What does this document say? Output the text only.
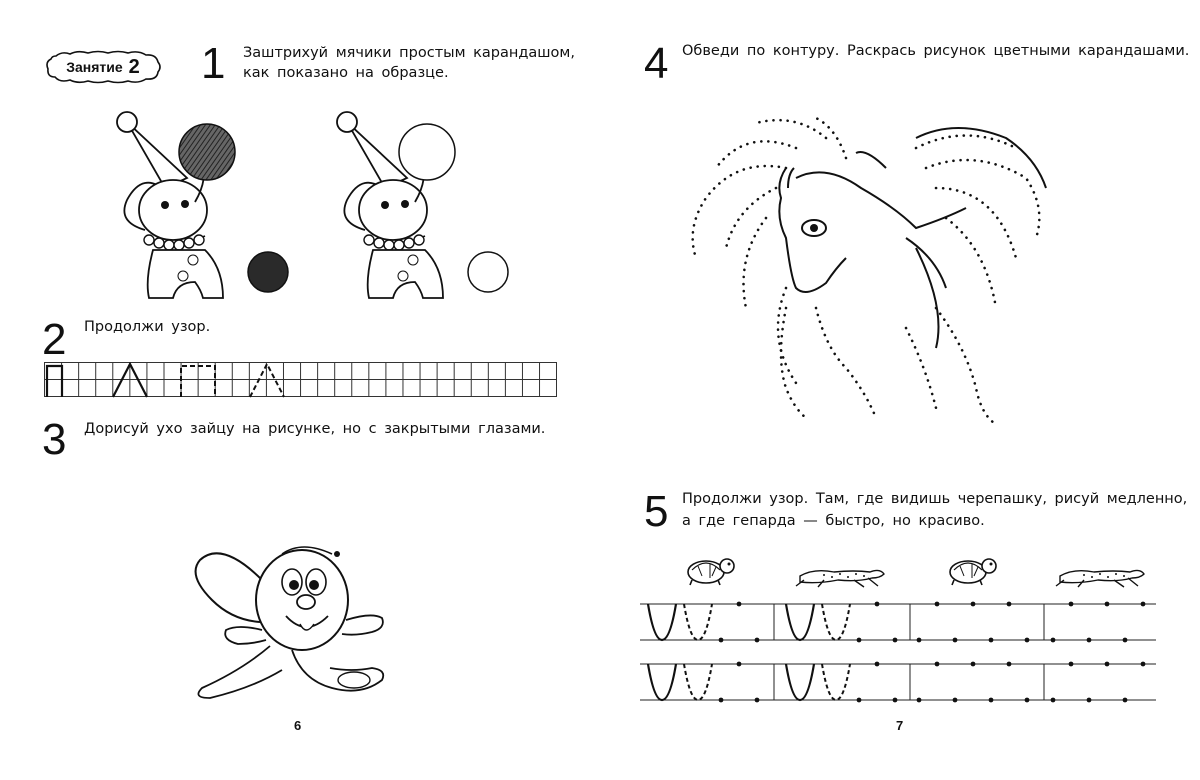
Занятие 2 1 Заштрихуй мячики простым карандашом,
как показано на образце.
2 Продолжи узор.
3 Дорисуй ухо зайцу на рисунке, но с закрытыми глазами.
6
4 Обведи по контуру. Раскрась рисунок цветными карандашами.
5 Продолжи узор. Там, где видишь черепашку, рисуй медленно,
а где гепарда — быстро, но красиво.
7
